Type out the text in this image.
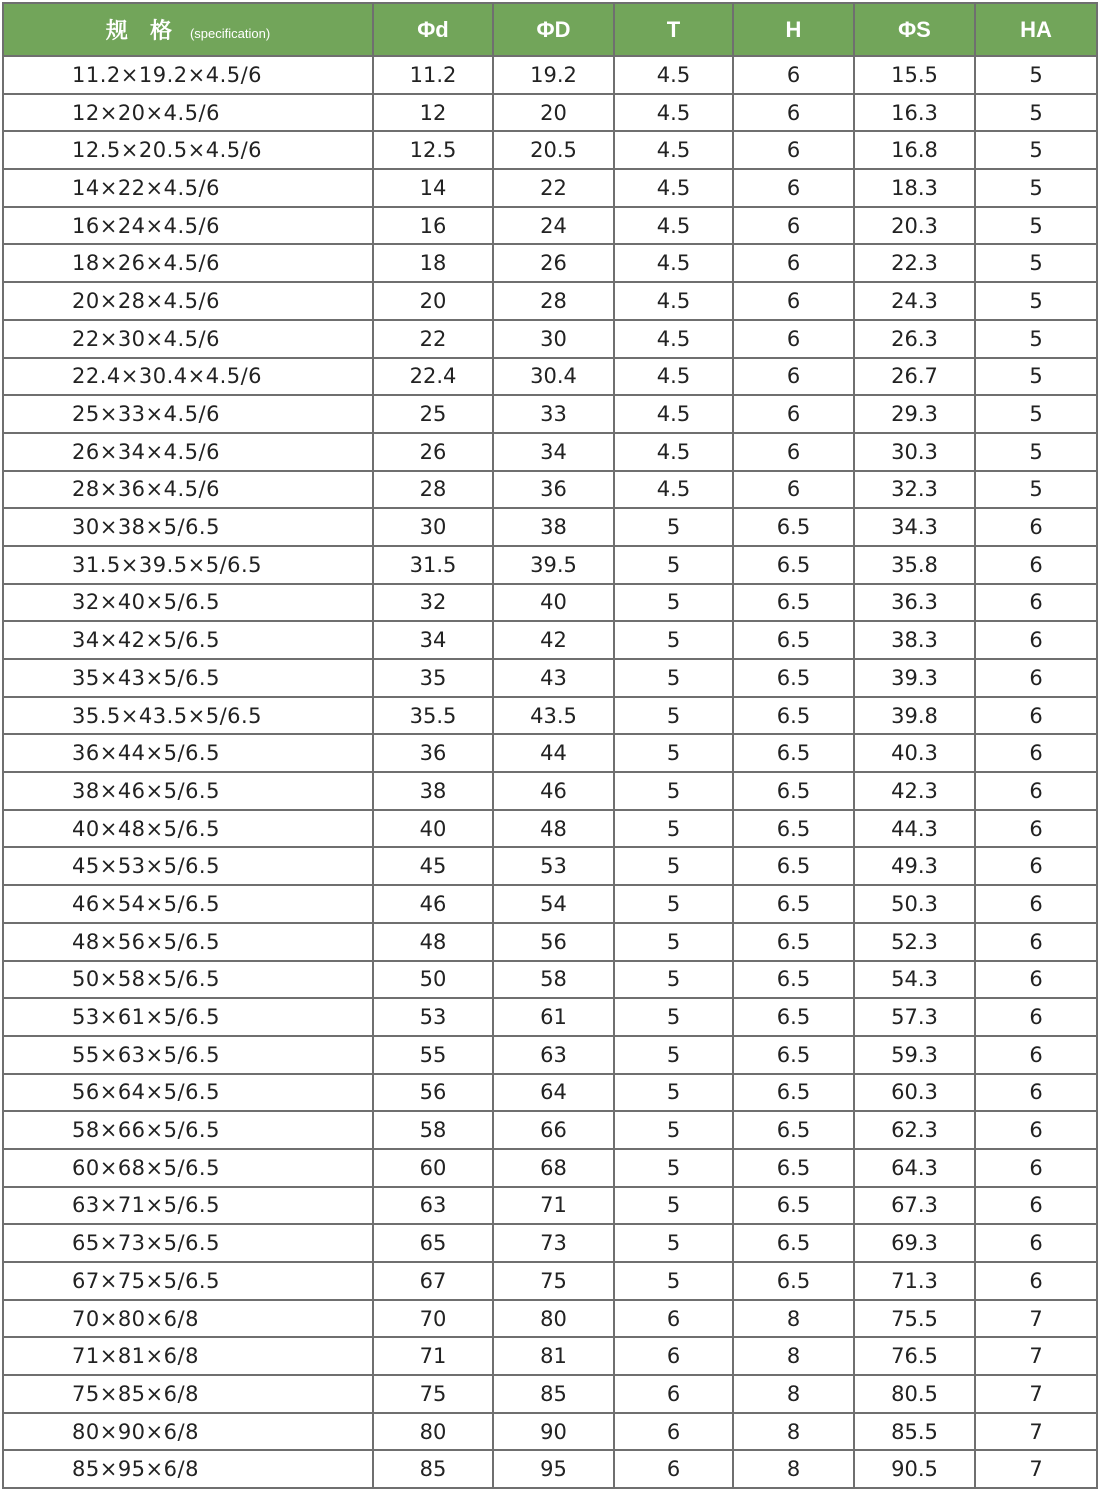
规 格 (specification)	Φd	ΦD	T	H	ΦS	HA
11.2×19.2×4.5/6	11.2	19.2	4.5	6	15.5	5
12×20×4.5/6	12	20	4.5	6	16.3	5
12.5×20.5×4.5/6	12.5	20.5	4.5	6	16.8	5
14×22×4.5/6	14	22	4.5	6	18.3	5
16×24×4.5/6	16	24	4.5	6	20.3	5
18×26×4.5/6	18	26	4.5	6	22.3	5
20×28×4.5/6	20	28	4.5	6	24.3	5
22×30×4.5/6	22	30	4.5	6	26.3	5
22.4×30.4×4.5/6	22.4	30.4	4.5	6	26.7	5
25×33×4.5/6	25	33	4.5	6	29.3	5
26×34×4.5/6	26	34	4.5	6	30.3	5
28×36×4.5/6	28	36	4.5	6	32.3	5
30×38×5/6.5	30	38	5	6.5	34.3	6
31.5×39.5×5/6.5	31.5	39.5	5	6.5	35.8	6
32×40×5/6.5	32	40	5	6.5	36.3	6
34×42×5/6.5	34	42	5	6.5	38.3	6
35×43×5/6.5	35	43	5	6.5	39.3	6
35.5×43.5×5/6.5	35.5	43.5	5	6.5	39.8	6
36×44×5/6.5	36	44	5	6.5	40.3	6
38×46×5/6.5	38	46	5	6.5	42.3	6
40×48×5/6.5	40	48	5	6.5	44.3	6
45×53×5/6.5	45	53	5	6.5	49.3	6
46×54×5/6.5	46	54	5	6.5	50.3	6
48×56×5/6.5	48	56	5	6.5	52.3	6
50×58×5/6.5	50	58	5	6.5	54.3	6
53×61×5/6.5	53	61	5	6.5	57.3	6
55×63×5/6.5	55	63	5	6.5	59.3	6
56×64×5/6.5	56	64	5	6.5	60.3	6
58×66×5/6.5	58	66	5	6.5	62.3	6
60×68×5/6.5	60	68	5	6.5	64.3	6
63×71×5/6.5	63	71	5	6.5	67.3	6
65×73×5/6.5	65	73	5	6.5	69.3	6
67×75×5/6.5	67	75	5	6.5	71.3	6
70×80×6/8	70	80	6	8	75.5	7
71×81×6/8	71	81	6	8	76.5	7
75×85×6/8	75	85	6	8	80.5	7
80×90×6/8	80	90	6	8	85.5	7
85×95×6/8	85	95	6	8	90.5	7
